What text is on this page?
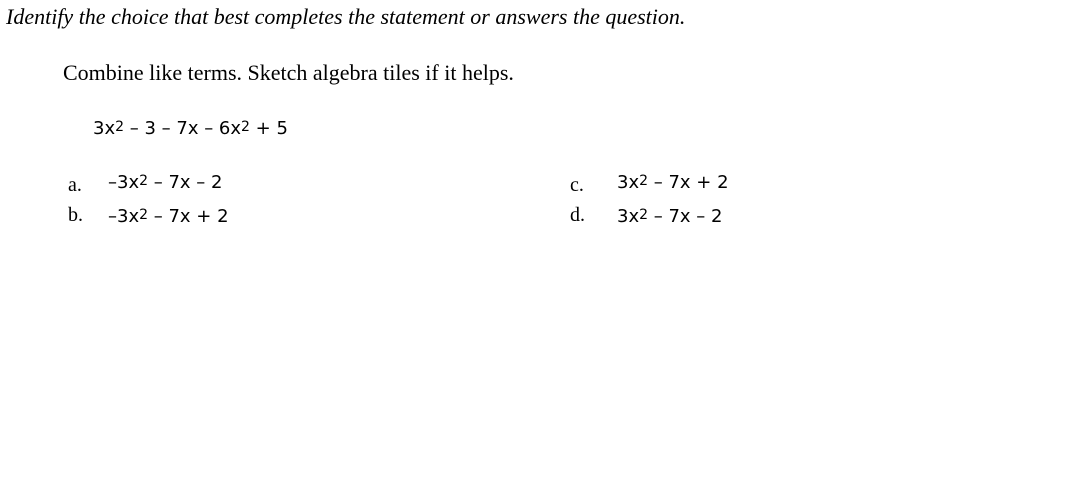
Identify the choice that best completes the statement or answers the question.
Combine like terms. Sketch algebra tiles if it helps.
$3x^2 - 3 - 7x - 6x^2 + 5$
a. $-3x^2 - 7x - 2$
b. $-3x^2 - 7x + 2$
c. $3x^2 - 7x + 2$
d. $3x^2 - 7x - 2$
